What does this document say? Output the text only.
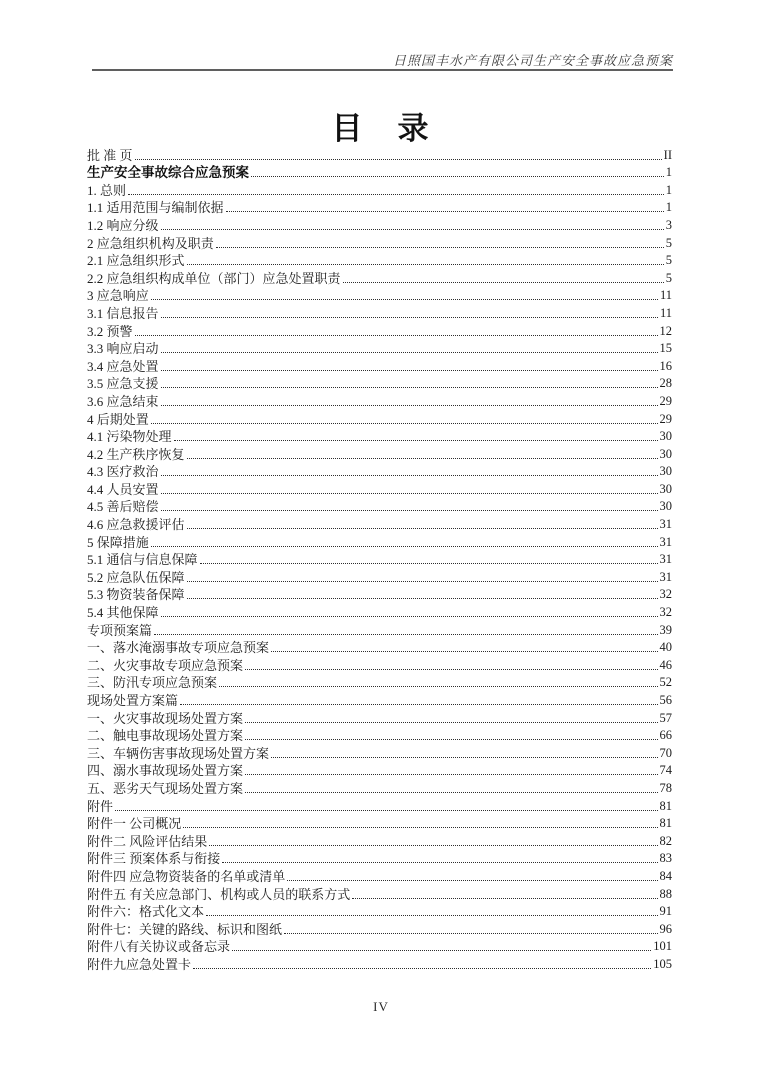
日照国丰水产有限公司生产安全事故应急预案
目　录
批 准 页	II
生产安全事故综合应急预案	1
1. 总则	1
1.1 适用范围与编制依据	1
1.2 响应分级	3
2 应急组织机构及职责	5
2.1 应急组织形式	5
2.2 应急组织构成单位（部门）应急处置职责	5
3 应急响应	11
3.1 信息报告	11
3.2 预警	12
3.3 响应启动	15
3.4 应急处置	16
3.5 应急支援	28
3.6 应急结束	29
4 后期处置	29
4.1 污染物处理	30
4.2 生产秩序恢复	30
4.3 医疗救治	30
4.4 人员安置	30
4.5 善后赔偿	30
4.6 应急救援评估	31
5 保障措施	31
5.1 通信与信息保障	31
5.2 应急队伍保障	31
5.3 物资装备保障	32
5.4 其他保障	32
专项预案篇	39
一、落水淹溺事故专项应急预案	40
二、火灾事故专项应急预案	46
三、防汛专项应急预案	52
现场处置方案篇	56
一、火灾事故现场处置方案	57
二、触电事故现场处置方案	66
三、车辆伤害事故现场处置方案	70
四、溺水事故现场处置方案	74
五、恶劣天气现场处置方案	78
附件	81
附件一 公司概况	81
附件二 风险评估结果	82
附件三 预案体系与衔接	83
附件四 应急物资装备的名单或清单	84
附件五 有关应急部门、机构或人员的联系方式	88
附件六：格式化文本	91
附件七：关键的路线、标识和图纸	96
附件八有关协议或备忘录	101
附件九应急处置卡	105
IV
